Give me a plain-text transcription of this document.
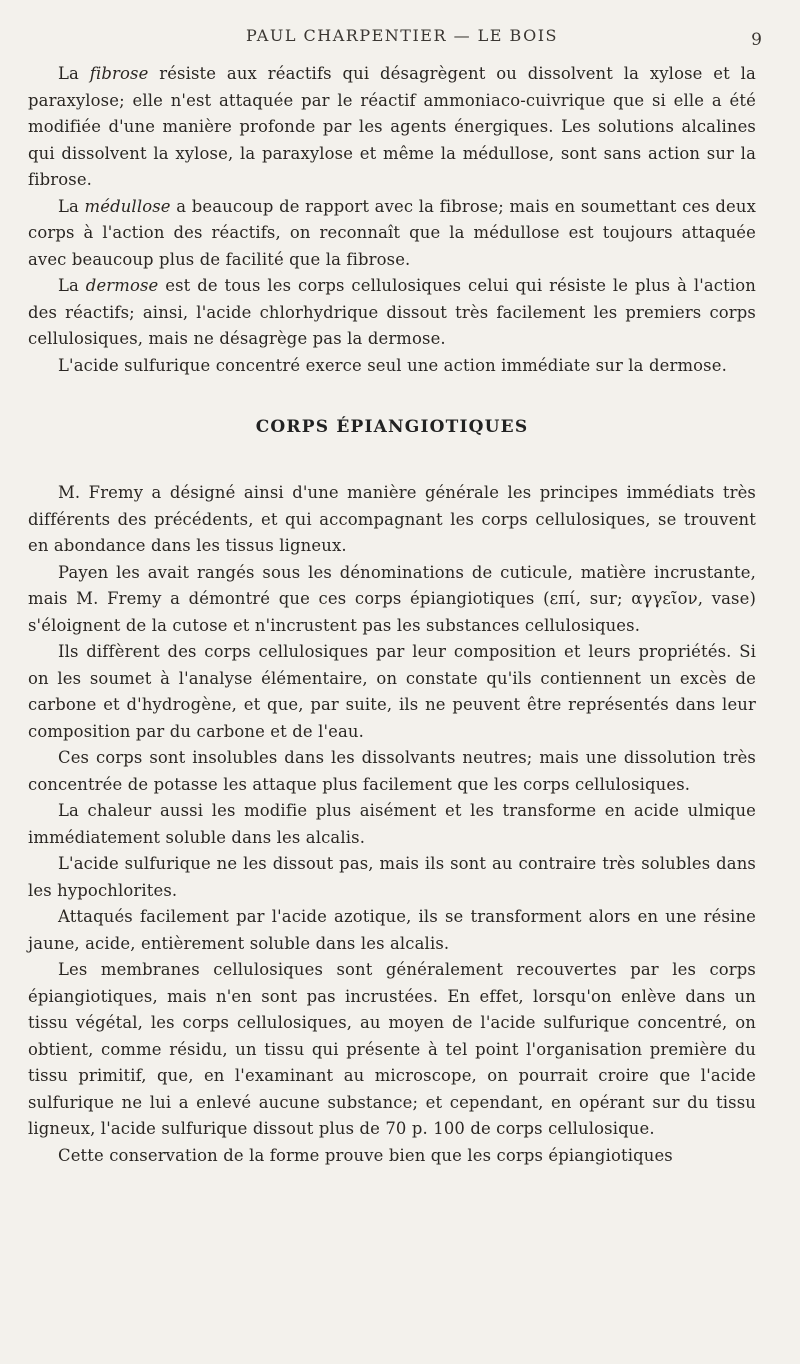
PAUL CHARPENTIER — LE BOIS	9

La fibrose résiste aux réactifs qui désagrègent ou dissolvent la xylose et la paraxylose; elle n'est attaquée par le réactif ammoniaco-cuivrique que si elle a été modifiée d'une manière profonde par les agents énergiques. Les solutions alcalines qui dissolvent la xylose, la paraxylose et même la médullose, sont sans action sur la fibrose.

La médullose a beaucoup de rapport avec la fibrose; mais en soumettant ces deux corps à l'action des réactifs, on reconnaît que la médullose est toujours attaquée avec beaucoup plus de facilité que la fibrose.

La dermose est de tous les corps cellulosiques celui qui résiste le plus à l'action des réactifs; ainsi, l'acide chlorhydrique dissout très facilement les premiers corps cellulosiques, mais ne désagrège pas la dermose.

L'acide sulfurique concentré exerce seul une action immédiate sur la dermose.

CORPS ÉPIANGIOTIQUES

M. Fremy a désigné ainsi d'une manière générale les principes immédiats très différents des précédents, et qui accompagnant les corps cellulosiques, se trouvent en abondance dans les tissus ligneux.

Payen les avait rangés sous les dénominations de cuticule, matière incrustante, mais M. Fremy a démontré que ces corps épiangiotiques (επί, sur; αγγεῖον, vase) s'éloignent de la cutose et n'incrustent pas les substances cellulosiques.

Ils diffèrent des corps cellulosiques par leur composition et leurs propriétés. Si on les soumet à l'analyse élémentaire, on constate qu'ils contiennent un excès de carbone et d'hydrogène, et que, par suite, ils ne peuvent être représentés dans leur composition par du carbone et de l'eau.

Ces corps sont insolubles dans les dissolvants neutres; mais une dissolution très concentrée de potasse les attaque plus facilement que les corps cellulosiques.

La chaleur aussi les modifie plus aisément et les transforme en acide ulmique immédiatement soluble dans les alcalis.

L'acide sulfurique ne les dissout pas, mais ils sont au contraire très solubles dans les hypochlorites.

Attaqués facilement par l'acide azotique, ils se transforment alors en une résine jaune, acide, entièrement soluble dans les alcalis.

Les membranes cellulosiques sont généralement recouvertes par les corps épiangiotiques, mais n'en sont pas incrustées. En effet, lorsqu'on enlève dans un tissu végétal, les corps cellulosiques, au moyen de l'acide sulfurique concentré, on obtient, comme résidu, un tissu qui présente à tel point l'organisation première du tissu primitif, que, en l'examinant au microscope, on pourrait croire que l'acide sulfurique ne lui a enlevé aucune substance; et cependant, en opérant sur du tissu ligneux, l'acide sulfurique dissout plus de 70 p. 100 de corps cellulosique.

Cette conservation de la forme prouve bien que les corps épiangiotiques
